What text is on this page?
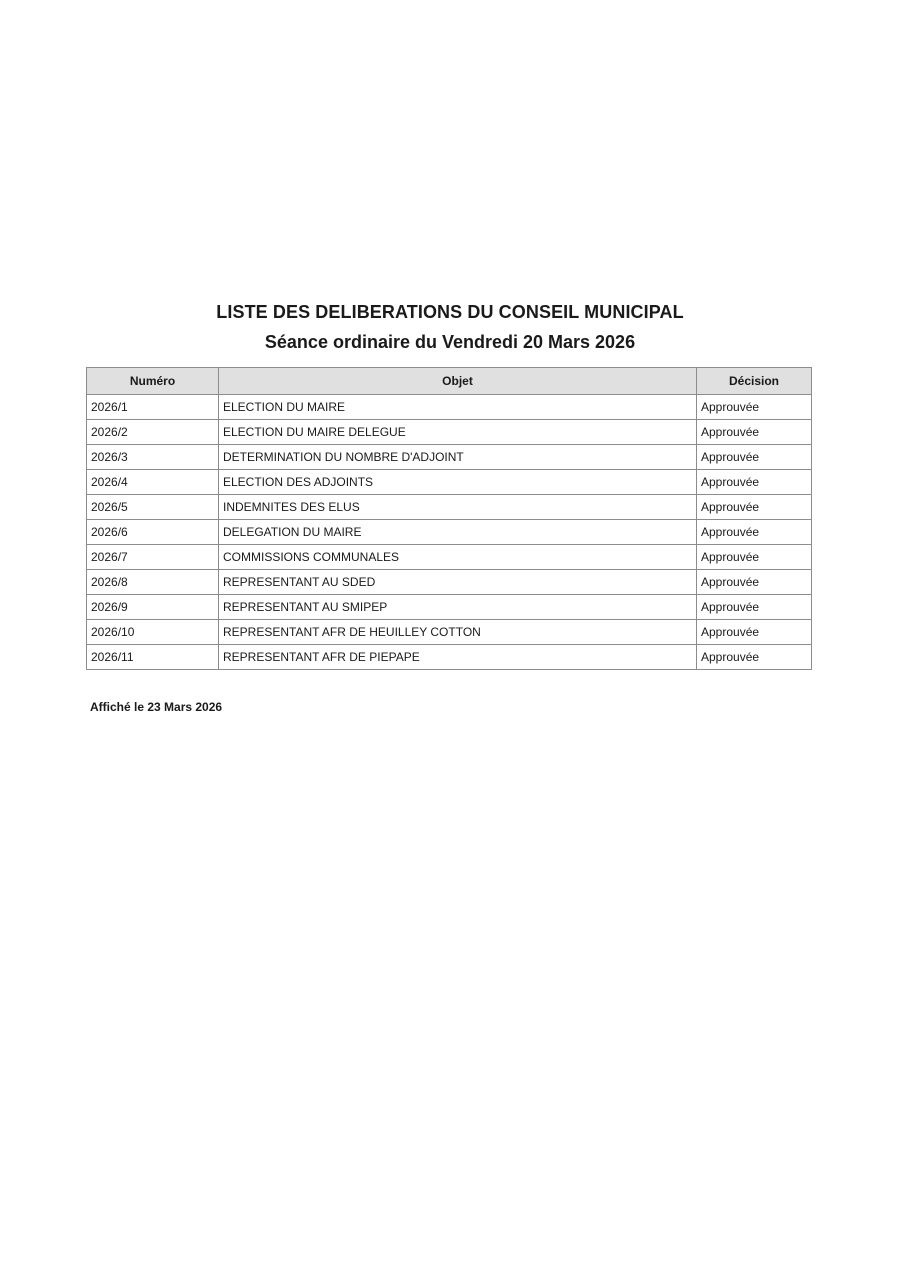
LISTE DES DELIBERATIONS DU CONSEIL MUNICIPAL
Séance ordinaire du Vendredi 20 Mars 2026
Numéro	Objet	Décision
2026/1	ELECTION DU MAIRE	Approuvée
2026/2	ELECTION DU MAIRE DELEGUE	Approuvée
2026/3	DETERMINATION DU NOMBRE D'ADJOINT	Approuvée
2026/4	ELECTION DES ADJOINTS	Approuvée
2026/5	INDEMNITES DES ELUS	Approuvée
2026/6	DELEGATION DU MAIRE	Approuvée
2026/7	COMMISSIONS COMMUNALES	Approuvée
2026/8	REPRESENTANT AU SDED	Approuvée
2026/9	REPRESENTANT AU SMIPEP	Approuvée
2026/10	REPRESENTANT AFR DE HEUILLEY COTTON	Approuvée
2026/11	REPRESENTANT AFR DE PIEPAPE	Approuvée
Affiché le 23 Mars 2026
